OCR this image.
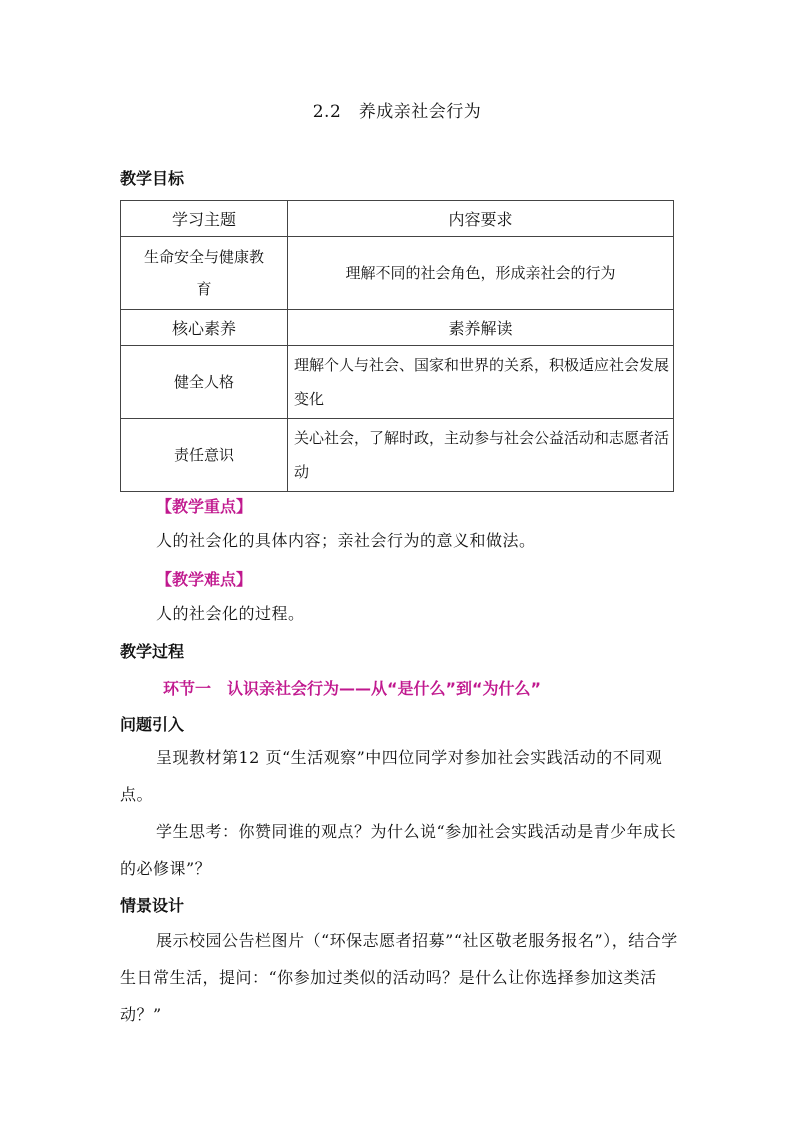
2.2　养成亲社会行为
教学目标
学习主题	内容要求

生命安全与健康教育	理解不同的社会角色，形成亲社会的行为
核心素养	素养解读
健全人格	理解个人与社会、国家和世界的关系，积极适应社会发展变化
责任意识	关心社会，了解时政，主动参与社会公益活动和志愿者活动
【教学重点】
人的社会化的具体内容；亲社会行为的意义和做法。
【教学难点】
人的社会化的过程。
教学过程
环节一　认识亲社会行为——从“是什么”到“为什么”
问题引入
呈现教材第12 页“生活观察”中四位同学对参加社会实践活动的不同观点。
学生思考：你赞同谁的观点？为什么说“参加社会实践活动是青少年成长的必修课”？
情景设计
展示校园公告栏图片（“环保志愿者招募”“社区敬老服务报名”），结合学生日常生活，提问：“你参加过类似的活动吗？是什么让你选择参加这类活动？”
